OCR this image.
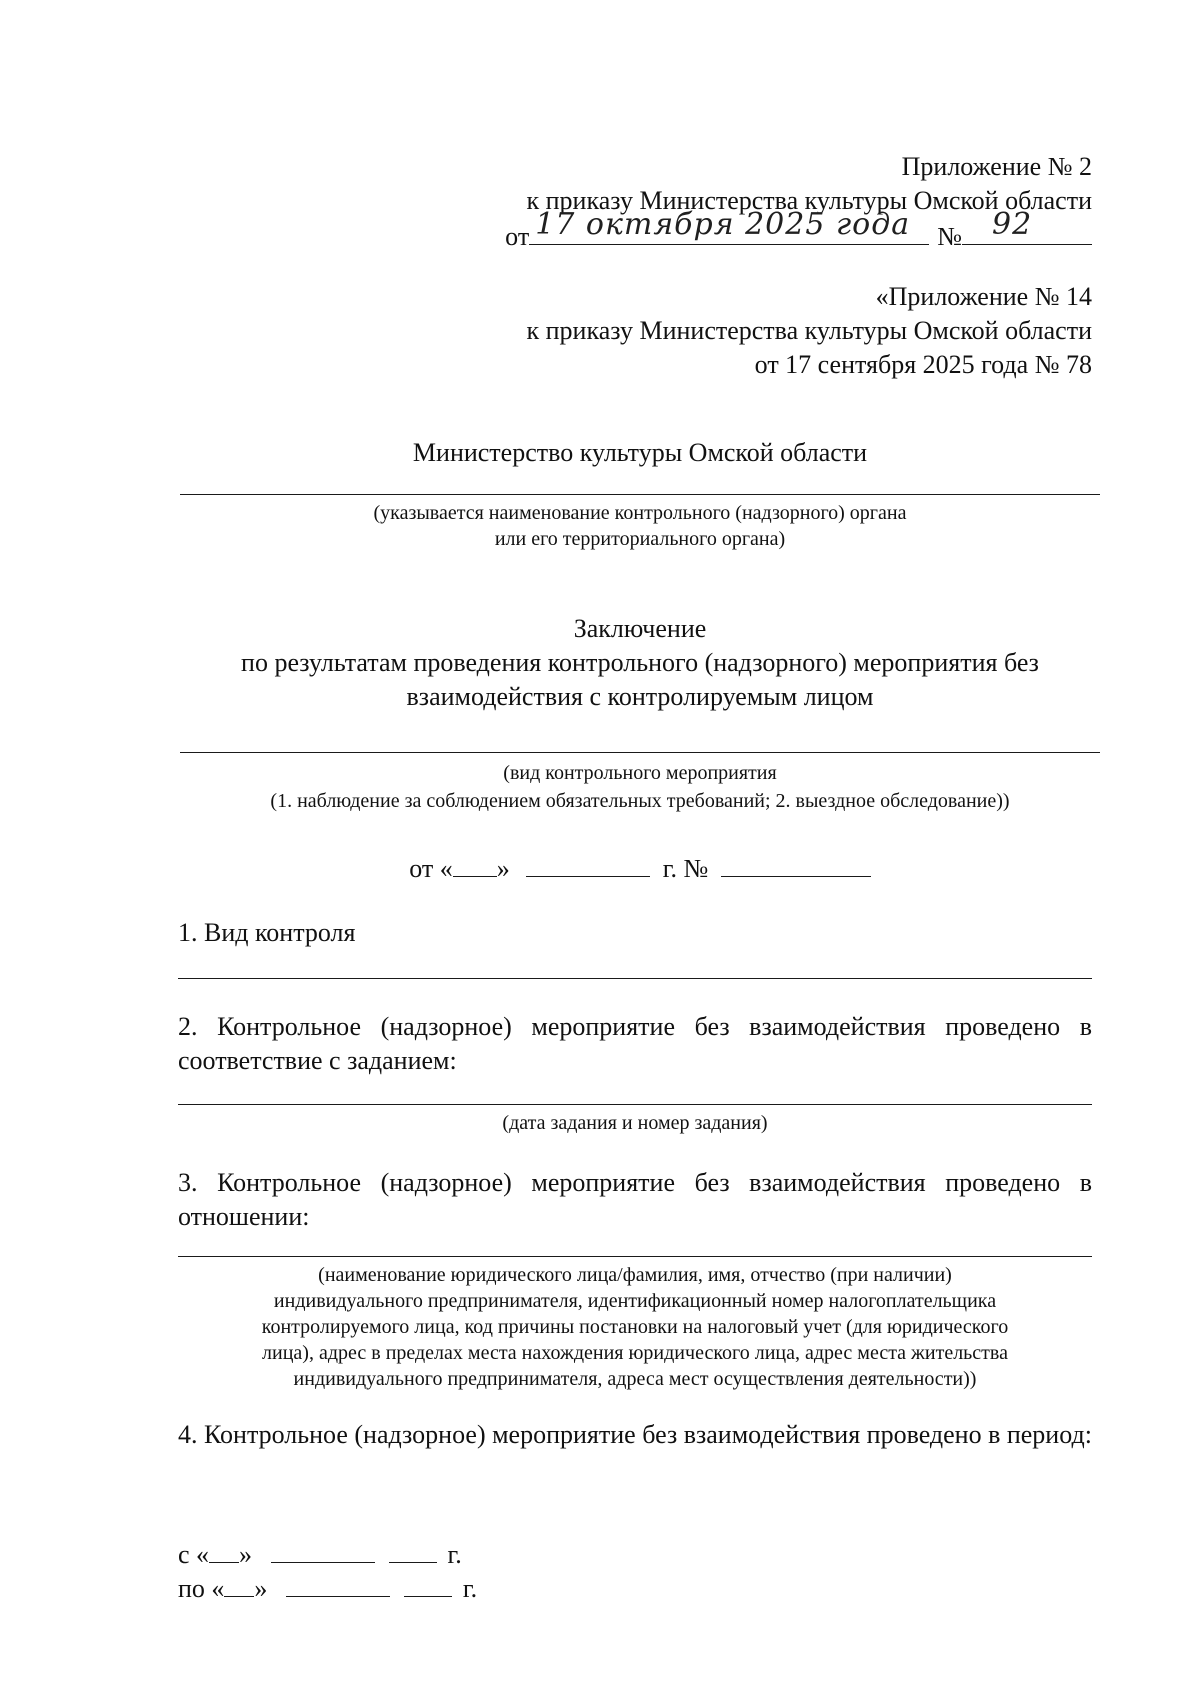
Приложение № 2
к приказу Министерства культуры Омской области
от 17 октября 2025 года № 92
«Приложение № 14
к приказу Министерства культуры Омской области
от 17 сентября 2025 года № 78
Министерство культуры Омской области
(указывается наименование контрольного (надзорного) органа
или его территориального органа)
Заключение
по результатам проведения контрольного (надзорного) мероприятия без
взаимодействия с контролируемым лицом
(вид контрольного мероприятия
(1. наблюдение за соблюдением обязательных требований; 2. выездное обследование))
от « »	г. №
1. Вид контроля
2. Контрольное (надзорное) мероприятие без взаимодействия проведено в соответствие с заданием:
(дата задания и номер задания)
3. Контрольное (надзорное) мероприятие без взаимодействия проведено в отношении:
(наименование юридического лица/фамилия, имя, отчество (при наличии)
индивидуального предпринимателя, идентификационный номер налогоплательщика
контролируемого лица, код причины постановки на налоговый учет (для юридического
лица), адрес в пределах места нахождения юридического лица, адрес места жительства
индивидуального предпринимателя, адреса мест осуществления деятельности))
4. Контрольное (надзорное) мероприятие без взаимодействия проведено в период:
с « »	г.
по « »	г.
